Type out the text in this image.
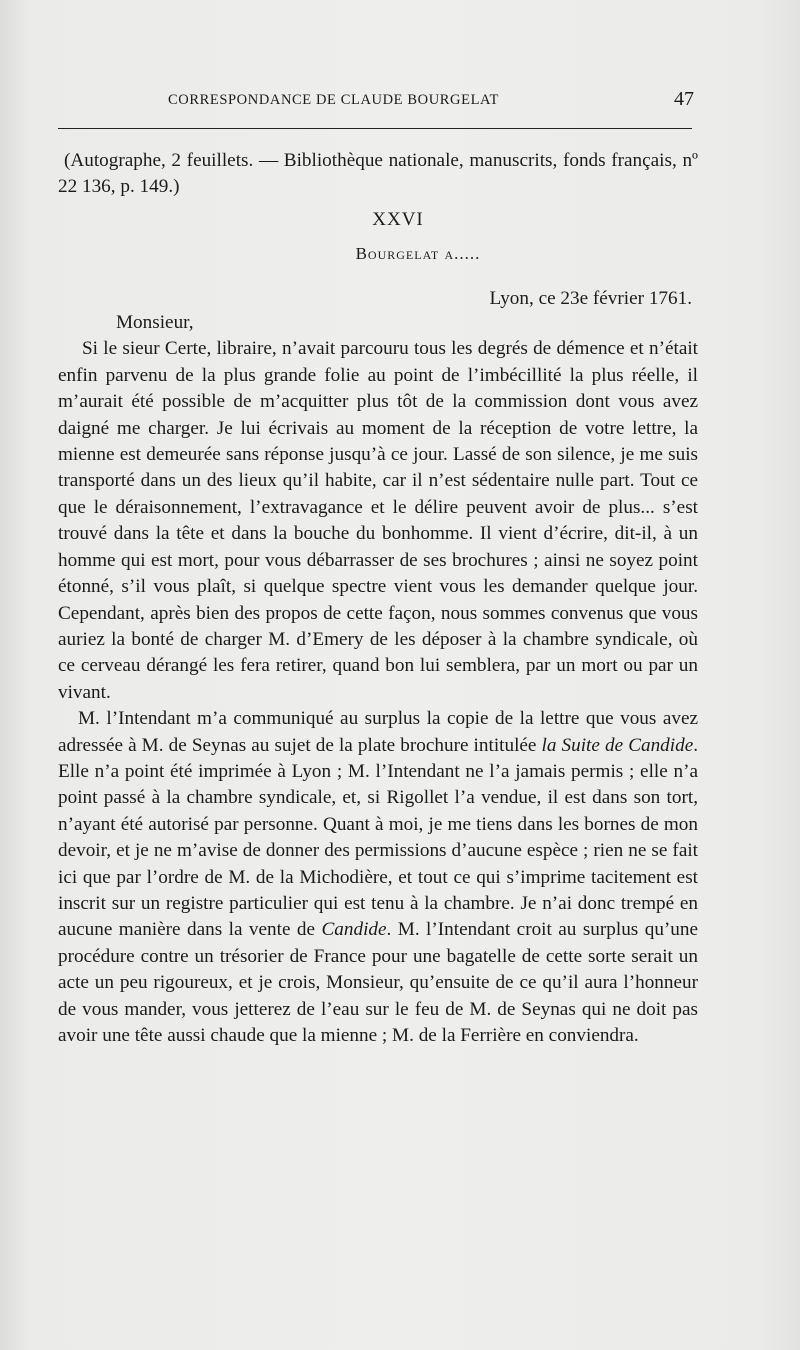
CORRESPONDANCE DE CLAUDE BOURGELAT	47

(Autographe, 2 feuillets. — Bibliothèque nationale, manuscrits, fonds français, nº 22 136, p. 149.)

XXVI

Bourgelat a.....

Lyon, ce 23e février 1761.

Monsieur,

Si le sieur Certe, libraire, n’avait parcouru tous les degrés de démence et n’était enfin parvenu de la plus grande folie au point de l’imbécillité la plus réelle, il m’aurait été possible de m’acquitter plus tôt de la commission dont vous avez daigné me charger. Je lui écrivais au moment de la réception de votre lettre, la mienne est demeurée sans réponse jusqu’à ce jour. Lassé de son silence, je me suis transporté dans un des lieux qu’il habite, car il n’est sédentaire nulle part. Tout ce que le déraisonnement, l’extravagance et le délire peuvent avoir de plus... s’est trouvé dans la tête et dans la bouche du bonhomme. Il vient d’écrire, dit-il, à un homme qui est mort, pour vous débarrasser de ses brochures ; ainsi ne soyez point étonné, s’il vous plaît, si quelque spectre vient vous les demander quelque jour. Cependant, après bien des propos de cette façon, nous sommes convenus que vous auriez la bonté de charger M. d’Emery de les déposer à la chambre syndicale, où ce cerveau dérangé les fera retirer, quand bon lui semblera, par un mort ou par un vivant.

M. l’Intendant m’a communiqué au surplus la copie de la lettre que vous avez adressée à M. de Seynas au sujet de la plate brochure intitulée la Suite de Candide. Elle n’a point été imprimée à Lyon ; M. l’Intendant ne l’a jamais permis ; elle n’a point passé à la chambre syndicale, et, si Rigollet l’a vendue, il est dans son tort, n’ayant été autorisé par personne. Quant à moi, je me tiens dans les bornes de mon devoir, et je ne m’avise de donner des permissions d’aucune espèce ; rien ne se fait ici que par l’ordre de M. de la Michodière, et tout ce qui s’imprime tacitement est inscrit sur un registre particulier qui est tenu à la chambre. Je n’ai donc trempé en aucune manière dans la vente de Candide. M. l’Intendant croit au surplus qu’une procédure contre un trésorier de France pour une bagatelle de cette sorte serait un acte un peu rigoureux, et je crois, Monsieur, qu’ensuite de ce qu’il aura l’honneur de vous mander, vous jetterez de l’eau sur le feu de M. de Seynas qui ne doit pas avoir une tête aussi chaude que la mienne ; M. de la Ferrière en conviendra.
